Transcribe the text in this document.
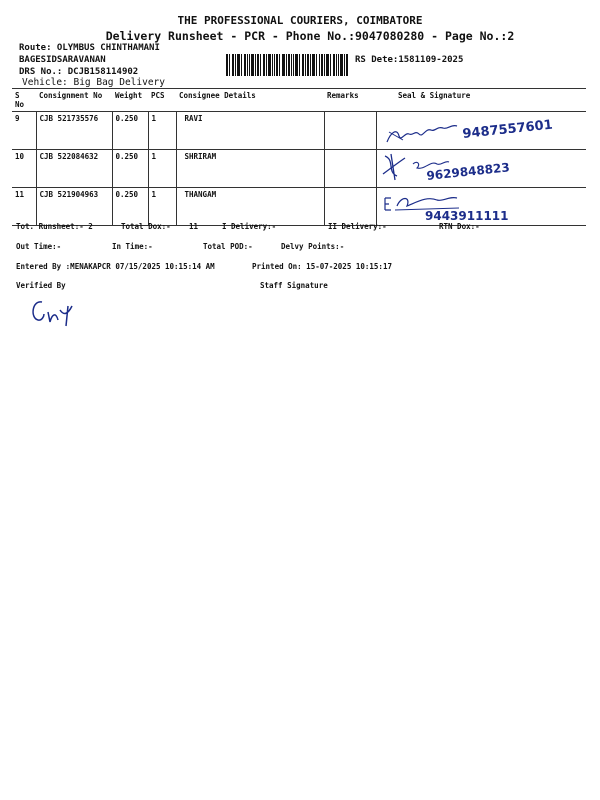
THE PROFESSIONAL COURIERS, COIMBATORE
Delivery Runsheet - PCR - Phone No.:9047080280 - Page No.:2
Route: OLYMBUS CHINTHAMANI
BAGESIDSARAVANAN	RS Dete:1581109-2025
DRS No.: DCJB158114902
Vehicle: Big Bag Delivery
S No	Consignment No	Weight	PCS	Consignee Details	Remarks	Seal & Signature
9	CJB 521735576	0.250	1	RAVI		9487557601

10	CJB 522084632	0.250	1	SHRIRAM		9629848823

11	CJB 521904963	0.250	1	THANGAM		9443911111
Tot. Runsheet:- 2	Total Dox:- 11	I Delivery:-	II Delivery:-	RTN Dox:-
Out Time:-	In Time:-	Total POD:-	Delvy Points:-
Entered By :MENAKAPCR 07/15/2025 10:15:14 AM	Printed On: 15-07-2025 10:15:17
Verified By	Staff Signature
